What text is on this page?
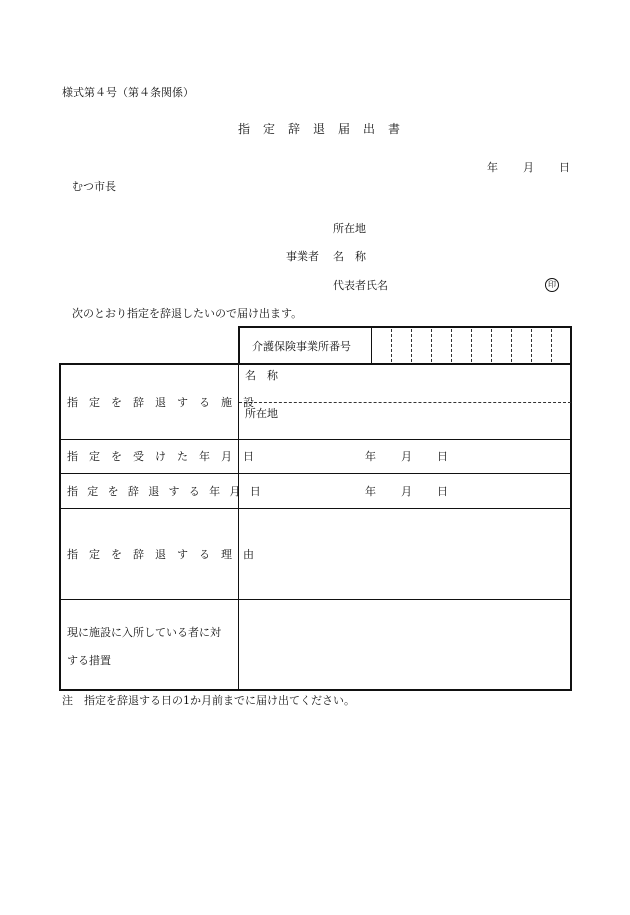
様式第４号（第４条関係）
指定辞退届出書
年 月 日
むつ市長
所在地
事業者 名　称
代表者氏名	印
次のとおり指定を辞退したいので届け出ます。
介護保険事業所番号
指定を辞退する施設
名　称
所在地
指定を受けた年月日	年 月 日
指定を辞退する年月日	年 月 日
指定を辞退する理由
現に施設に入所している者に対
する措置
注　指定を辞退する日の1か月前までに届け出てください。
